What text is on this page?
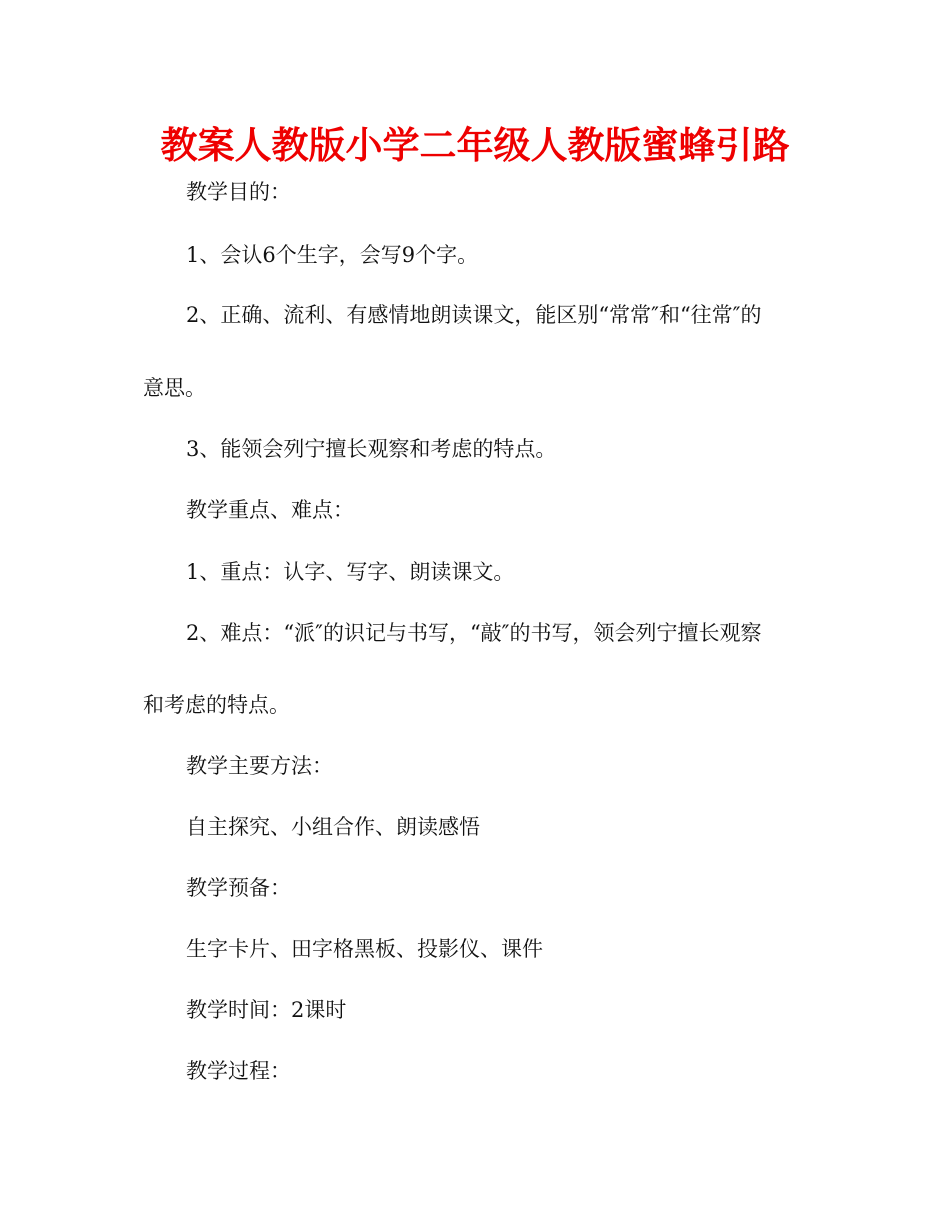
教案人教版小学二年级人教版蜜蜂引路
教学目的：
1、会认6个生字，会写9个字。
2、正确、流利、有感情地朗读课文，能区别“常常″和“往常″的
意思。
3、能领会列宁擅长观察和考虑的特点。
教学重点、难点：
1、重点：认字、写字、朗读课文。
2、难点：“派″的识记与书写，“敲″的书写，领会列宁擅长观察
和考虑的特点。
教学主要方法：
自主探究、小组合作、朗读感悟
教学预备：
生字卡片、田字格黑板、投影仪、课件
教学时间：2课时
教学过程：
